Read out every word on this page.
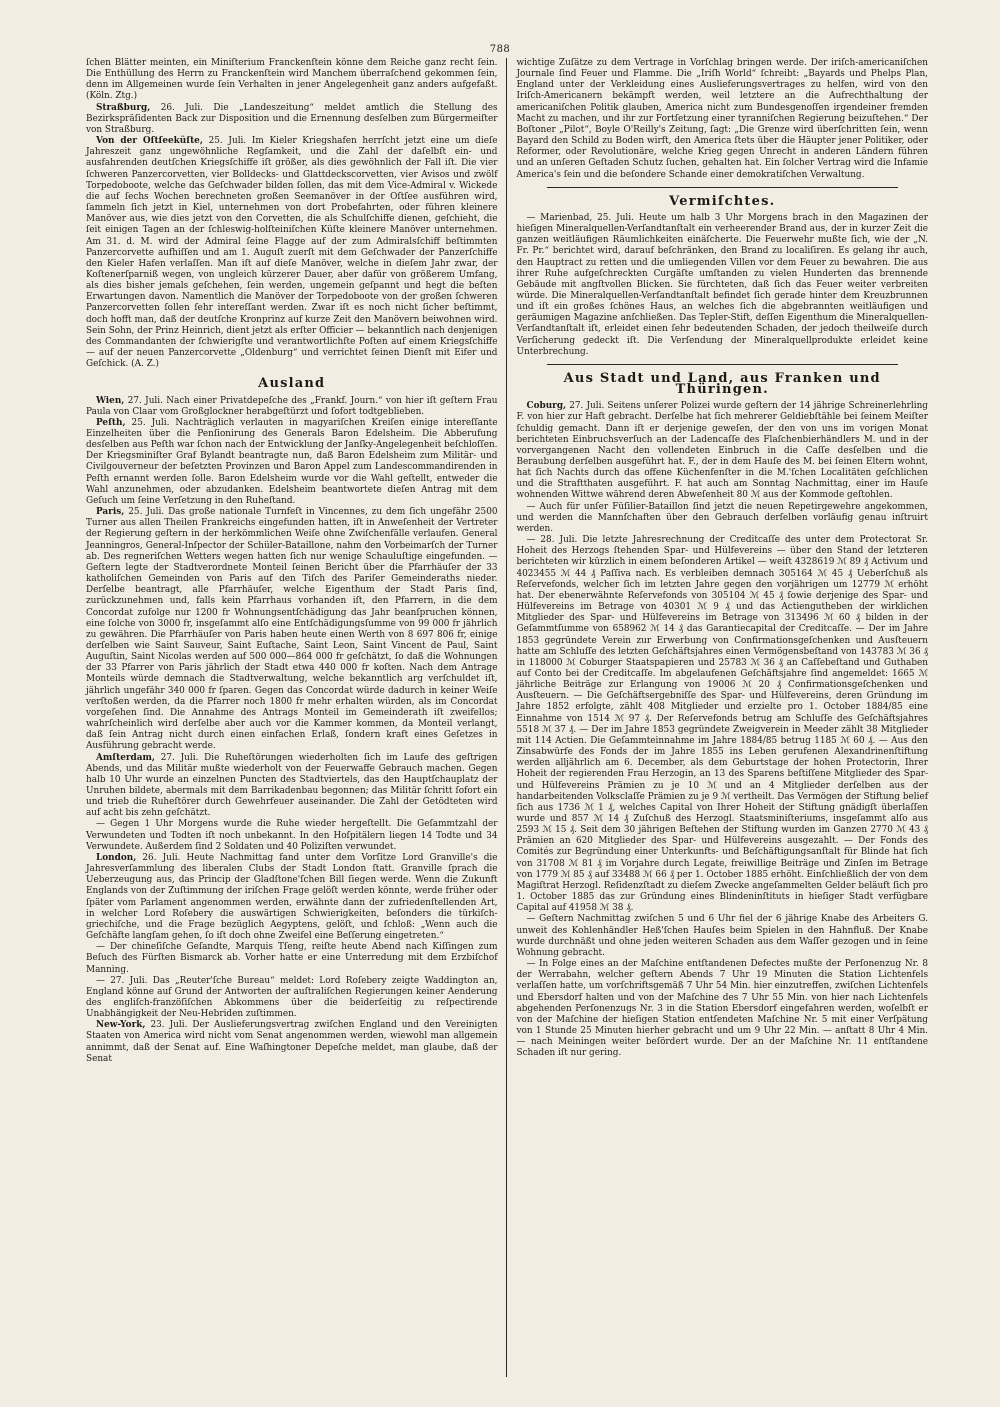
788

ſchen Blätter meinten, ein Miniſterium Franckenſtein könne dem Reiche ganz recht ſein. Die Enthüllung des Herrn zu Franckenſtein wird Manchem überraſchend gekommen ſein, denn im Allgemeinen wurde ſein Verhalten in jener Angelegenheit ganz anders aufgefaßt. (Köln. Ztg.)

Straßburg, 26. Juli. Die „Landeszeitung“ meldet amtlich die Stellung des Bezirkspräſidenten Back zur Disposition und die Ernennung desſelben zum Bürgermeiſter von Straßburg.

Von der Oſtſeeküſte, 25. Juli. Im Kieler Kriegshafen herrſcht jetzt eine um dieſe Jahreszeit ganz ungewöhnliche Regſamkeit, und die Zahl der daſelbſt ein- und ausfahrenden deutſchen Kriegsſchiffe iſt größer, als dies gewöhnlich der Fall iſt. Die vier ſchweren Panzercorvetten, vier Bolldecks- und Glattdeckscorvetten, vier Avisos und zwölf Torpedoboote, welche das Geſchwader bilden ſollen, das mit dem Vice-Admiral v. Wickede die auf ſechs Wochen berechneten großen Seemanöver in der Oſtſee ausführen wird, ſammeln ſich jetzt in Kiel, unternehmen von dort Probefahrten, oder führen kleinere Manöver aus, wie dies jetzt von den Corvetten, die als Schulſchiffe dienen, geſchieht, die ſeit einigen Tagen an der ſchleswig-holſteiniſchen Küſte kleinere Manöver unternehmen. Am 31. d. M. wird der Admiral ſeine Flagge auf der zum Admiralsſchiff beſtimmten Panzercorvette aufhiſſen und am 1. Auguſt zuerſt mit dem Geſchwader der Panzerſchiffe den Kieler Hafen verlaſſen. Man iſt auf dieſe Manöver, welche in dieſem Jahr zwar, der Koſtenerſparniß wegen, von ungleich kürzerer Dauer, aber dafür von größerem Umfang, als dies bisher jemals geſchehen, ſein werden, ungemein geſpannt und hegt die beſten Erwartungen davon. Namentlich die Manöver der Torpedoboote von der großen ſchweren Panzercorvetten ſollen ſehr intereſſant werden. Zwar iſt es noch nicht ſicher beſtimmt, doch hofft man, daß der deutſche Kronprinz auf kurze Zeit den Manövern beiwohnen wird. Sein Sohn, der Prinz Heinrich, dient jetzt als erſter Officier — bekanntlich nach denjenigen des Commandanten der ſchwierigſte und verantwortlichſte Poſten auf einem Kriegsſchiffe — auf der neuen Panzercorvette „Oldenburg“ und verrichtet ſeinen Dienſt mit Eifer und Geſchick. (A. Z.)

Ausland

Wien, 27. Juli. Nach einer Privatdepeſche des „Frankf. Journ.“ von hier iſt geſtern Frau Paula von Claar vom Großglockner herabgeſtürzt und ſofort todtgeblieben.

Peſth, 25. Juli. Nachträglich verlauten in magyariſchen Kreiſen einige intereſſante Einzelheiten über die Penſionirung des Generals Baron Edelsheim. Die Abberufung desſelben aus Peſth war ſchon nach der Entwicklung der Janſky-Angelegenheit beſchloſſen. Der Kriegsminiſter Graf Bylandt beantragte nun, daß Baron Edelsheim zum Militär- und Civilgouverneur der beſetzten Provinzen und Baron Appel zum Landescommandirenden in Peſth ernannt werden ſolle. Baron Edelsheim wurde vor die Wahl geſtellt, entweder die Wahl anzunehmen, oder abzudanken. Edelsheim beantwortete dieſen Antrag mit dem Geſuch um ſeine Verſetzung in den Ruheſtand.

Paris, 25. Juli. Das große nationale Turnfeſt in Vincennes, zu dem ſich ungefähr 2500 Turner aus allen Theilen Frankreichs eingefunden hatten, iſt in Anweſenheit der Vertreter der Regierung geſtern in der herkömmlichen Weiſe ohne Zwiſchenfälle verlaufen. General Jeanningros, General-Inſpector der Schüler-Bataillone, nahm den Vorbeimarſch der Turner ab. Des regneriſchen Wetters wegen hatten ſich nur wenige Schauluſtige eingefunden. — Geſtern legte der Stadtverordnete Monteil ſeinen Bericht über die Pfarrhäuſer der 33 katholiſchen Gemeinden von Paris auf den Tiſch des Pariſer Gemeinderaths nieder. Derſelbe beantragt, alle Pfarrhäuſer, welche Eigenthum der Stadt Paris ſind, zurückzunehmen und, falls kein Pfarrhaus vorhanden iſt, den Pfarrern, in die dem Concordat zufolge nur 1200 fr Wohnungsentſchädigung das Jahr beanſpruchen können, eine ſolche von 3000 fr, insgeſammt alſo eine Entſchädigungsſumme von 99 000 fr jährlich zu gewähren. Die Pfarrhäuſer von Paris haben heute einen Werth von 8 697 806 fr, einige derſelben wie Saint Sauveur, Saint Euſtache, Saint Leon, Saint Vincent de Paul, Saint Auguſtin, Saint Nicolas werden auf 500 000—864 000 fr geſchätzt, ſo daß die Wohnungen der 33 Pfarrer von Paris jährlich der Stadt etwa 440 000 fr koſten. Nach dem Antrage Monteils würde demnach die Stadtverwaltung, welche bekanntlich arg verſchuldet iſt, jährlich ungefähr 340 000 fr ſparen. Gegen das Concordat würde dadurch in keiner Weiſe verſtoßen werden, da die Pfarrer noch 1800 fr mehr erhalten würden, als im Concordat vorgeſehen ſind. Die Annahme des Antrags Monteil im Gemeinderath iſt zweifellos; wahrſcheinlich wird derſelbe aber auch vor die Kammer kommen, da Monteil verlangt, daß ſein Antrag nicht durch einen einfachen Erlaß, ſondern kraft eines Geſetzes in Ausführung gebracht werde.

Amſterdam, 27. Juli. Die Ruheſtörungen wiederholten ſich im Laufe des geſtrigen Abends, und das Militär mußte wiederholt von der Feuerwaffe Gebrauch machen. Gegen halb 10 Uhr wurde an einzelnen Puncten des Stadtviertels, das den Hauptſchauplatz der Unruhen bildete, abermals mit dem Barrikadenbau begonnen; das Militär ſchritt ſofort ein und trieb die Ruheſtörer durch Gewehrfeuer auseinander. Die Zahl der Getödteten wird auf acht bis zehn geſchätzt.

— Gegen 1 Uhr Morgens wurde die Ruhe wieder hergeſtellt. Die Geſammtzahl der Verwundeten und Todten iſt noch unbekannt. In den Hoſpitälern liegen 14 Todte und 34 Verwundete. Außerdem ſind 2 Soldaten und 40 Poliziſten verwundet.

London, 26. Juli. Heute Nachmittag fand unter dem Vorſitze Lord Granville's die Jahresverſammlung des liberalen Clubs der Stadt London ſtatt. Granville ſprach die Ueberzeugung aus, das Princip der Gladſtone'ſchen Bill ſiegen werde. Wenn die Zukunft Englands von der Zuſtimmung der iriſchen Frage gelöſt werden könnte, werde früher oder ſpäter vom Parlament angenommen werden, erwähnte dann der zufriedenſtellenden Art, in welcher Lord Roſebery die auswärtigen Schwierigkeiten, beſonders die türkiſch-griechiſche, und die Frage bezüglich Aegyptens, gelöſt, und ſchloß: „Wenn auch die Geſchäfte langſam gehen, ſo iſt doch ohne Zweifel eine Beſſerung eingetreten.“

— Der chineſiſche Geſandte, Marquis Tſeng, reiſte heute Abend nach Kiſſingen zum Beſuch des Fürſten Bismarck ab. Vorher hatte er eine Unterredung mit dem Erzbiſchof Manning.

— 27. Juli. Das „Reuter'ſche Bureau“ meldet: Lord Roſebery zeigte Waddington an, England könne auf Grund der Antworten der auſtraliſchen Regierungen keiner Aenderung des engliſch-franzöſiſchen Abkommens über die beiderſeitig zu reſpectirende Unabhängigkeit der Neu-Hebriden zuſtimmen.

New-York, 23. Juli. Der Auslieferungsvertrag zwiſchen England und den Vereinigten Staaten von America wird nicht vom Senat angenommen werden, wiewohl man allgemein annimmt, daß der Senat auf. Eine Waſhingtoner Depeſche meldet, man glaube, daß der Senat

wichtige Zuſätze zu dem Vertrage in Vorſchlag bringen werde. Der iriſch-americaniſchen Journale ſind Feuer und Flamme. Die „Iriſh World“ ſchreibt: „Bayards und Phelps Plan, England unter der Verkleidung eines Auslieferungsvertrages zu helfen, wird von den Iriſch-Americanern bekämpft werden, weil letztere an die Aufrechthaltung der americaniſchen Politik glauben, America nicht zum Bundesgenoſſen irgendeiner fremden Macht zu machen, und ihr zur Fortſetzung einer tyranniſchen Regierung beizuſtehen.“ Der Boſtoner „Pilot“, Boyle O'Reilly's Zeitung, ſagt: „Die Grenze wird überſchritten ſein, wenn Bayard den Schild zu Boden wirft, den America ſtets über die Häupter jener Politiker, oder Reformer, oder Revolutionäre, welche Krieg gegen Unrecht in anderen Ländern führen und an unſeren Geſtaden Schutz ſuchen, gehalten hat. Ein ſolcher Vertrag wird die Infamie America's ſein und die beſondere Schande einer demokratiſchen Verwaltung.

Vermiſchtes.

— Marienbad, 25. Juli. Heute um halb 3 Uhr Morgens brach in den Magazinen der hieſigen Mineralquellen-Verſandtanſtalt ein verheerender Brand aus, der in kurzer Zeit die ganzen weitläufigen Räumlichkeiten einäſcherte. Die Feuerwehr mußte ſich, wie der „N. Fr. Pr.“ berichtet wird, darauf beſchränken, den Brand zu localiſiren. Es gelang ihr auch, den Hauptract zu retten und die umliegenden Villen vor dem Feuer zu bewahren. Die aus ihrer Ruhe aufgeſchreckten Curgäſte umſtanden zu vielen Hunderten das brennende Gebäude mit angſtvollen Blicken. Sie fürchteten, daß ſich das Feuer weiter verbreiten würde. Die Mineralquellen-Verſandtanſtalt befindet ſich gerade hinter dem Kreuzbrunnen und iſt ein großes ſchönes Haus, an welches ſich die abgebrannten weitläufigen und geräumigen Magazine anſchließen. Das Tepler-Stift, deſſen Eigenthum die Mineralquellen-Verſandtanſtalt iſt, erleidet einen ſehr bedeutenden Schaden, der jedoch theilweiſe durch Verſicherung gedeckt iſt. Die Verſendung der Mineralquellprodukte erleidet keine Unterbrechung.

Aus Stadt und Land, aus Franken und Thüringen.

Coburg, 27. Juli. Seitens unſerer Polizei wurde geſtern der 14 jährige Schreinerlehrling F. von hier zur Haft gebracht. Derſelbe hat ſich mehrerer Geldiebſtähle bei ſeinem Meiſter ſchuldig gemacht. Dann iſt er derjenige geweſen, der den von uns im vorigen Monat berichteten Einbruchsverſuch an der Ladencaſſe des Flaſchenbierhändlers M. und in der vorvergangenen Nacht den vollendeten Einbruch in die Caſſe desſelben und die Beraubung derſelben ausgeführt hat. F., der in dem Hauſe des M. bei ſeinen Eltern wohnt, hat ſich Nachts durch das offene Küchenfenſter in die M.'ſchen Localitäten geſchlichen und die Straftthaten ausgeführt. F. hat auch am Sonntag Nachmittag, einer im Hauſe wohnenden Wittwe während deren Abweſenheit 80 ℳ aus der Kommode geſtohlen.

— Auch für unſer Füſilier-Bataillon ſind jetzt die neuen Repetirgewehre angekommen, und werden die Mannſchaften über den Gebrauch derſelben vorläufig genau inſtruirt werden.

— 28. Juli. Die letzte Jahresrechnung der Creditcaſſe des unter dem Protectorat Sr. Hoheit des Herzogs ſtehenden Spar- und Hülfevereins — über den Stand der letzteren berichteten wir kürzlich in einem beſonderen Artikel — weiſt 4328619 ℳ 89 ₰ Activum und 4023455 ℳ 44 ₰ Paſſiva nach. Es verbleiben demnach 305164 ℳ 45 ₰ Ueberſchuß als Reſervefonds, welcher ſich im letzten Jahre gegen den vorjährigen um 12779 ℳ erhöht hat. Der ebenerwähnte Reſervefonds von 305104 ℳ 45 ₰ ſowie derjenige des Spar- und Hülfevereins im Betrage von 40301 ℳ 9 ₰ und das Actiengutheben der wirklichen Mitglieder des Spar- und Hülfevereins im Betrage von 313496 ℳ 60 ₰ bilden in der Geſammtſumme von 658962 ℳ 14 ₰ das Garantiecapital der Creditcaſſe. — Der im Jahre 1853 gegründete Verein zur Erwerbung von Confirmationsgeſchenken und Ausſteuern hatte am Schluſſe des letzten Geſchäftsjahres einen Vermögensbeſtand von 143783 ℳ 36 ₰ in 118000 ℳ Coburger Staatspapieren und 25783 ℳ 36 ₰ an Caſſebeſtand und Guthaben auf Conto bei der Creditcaſſe. Im abgelaufenen Geſchäftsjahre ſind angemeldet: 1665 ℳ jährliche Beiträge zur Erlangung von 19006 ℳ 20 ₰ Confirmationsgeſchenken und Ausſteuern. — Die Geſchäftsergebniſſe des Spar- und Hülfevereins, deren Gründung im Jahre 1852 erfolgte, zählt 408 Mitglieder und erzielte pro 1. October 1884/85 eine Einnahme von 1514 ℳ 97 ₰. Der Reſervefonds betrug am Schluſſe des Geſchäftsjahres 5518 ℳ 37 ₰. — Der im Jahre 1853 gegründete Zweigverein in Meeder zählt 38 Mitglieder mit 114 Actien. Die Geſammteinnahme im Jahre 1884/85 betrug 1185 ℳ 60 ₰. — Aus den Zinsabwürfe des Fonds der im Jahre 1855 ins Leben gerufenen Alexandrinenſtiftung werden alljährlich am 6. December, als dem Geburtstage der hohen Protectorin, Ihrer Hoheit der regierenden Frau Herzogin, an 13 des Sparens beſtiſſene Mitglieder des Spar- und Hülfevereins Prämien zu je 10 ℳ und an 4 Mitglieder derſelben aus der handarbeitenden Volksclaſſe Prämien zu je 9 ℳ vertheilt. Das Vermögen der Stiftung belief ſich aus 1736 ℳ 1 ₰, welches Capital von Ihrer Hoheit der Stiftung gnädigſt überlaſſen wurde und 857 ℳ 14 ₰ Zuſchuß des Herzogl. Staatsminiſteriums, insgeſammt alſo aus 2593 ℳ 15 ₰. Seit dem 30 jährigen Beſtehen der Stiftung wurden im Ganzen 2770 ℳ 43 ₰ Prämien an 620 Mitglieder des Spar- und Hülfevereins ausgezahlt. — Der Fonds des Comités zur Begründung einer Unterkunfts- und Beſchäftigungsanſtalt für Blinde hat ſich von 31708 ℳ 81 ₰ im Vorjahre durch Legate, freiwillige Beiträge und Zinſen im Betrage von 1779 ℳ 85 ₰ auf 33488 ℳ 66 ₰ per 1. October 1885 erhöht. Einſchließlich der von dem Magiſtrat Herzogl. Reſidenzſtadt zu dieſem Zwecke angeſammelten Gelder beläuft ſich pro 1. October 1885 das zur Gründung eines Blindeninſtituts in hieſiger Stadt verfügbare Capital auf 41958 ℳ 38 ₰.

— Geſtern Nachmittag zwiſchen 5 und 6 Uhr fiel der 6 jährige Knabe des Arbeiters G. unweit des Kohlenhändler Heß'ſchen Hauſes beim Spielen in den Hahnfluß. Der Knabe wurde durchnäßt und ohne jeden weiteren Schaden aus dem Waſſer gezogen und in ſeine Wohnung gebracht.

— In Folge eines an der Maſchine entſtandenen Defectes mußte der Perſonenzug Nr. 8 der Werrabahn, welcher geſtern Abends 7 Uhr 19 Minuten die Station Lichtenfels verlaſſen hatte, um vorſchriftsgemäß 7 Uhr 54 Min. hier einzutreffen, zwiſchen Lichtenfels und Ebersdorf halten und von der Maſchine des 7 Uhr 55 Min. von hier nach Lichtenfels abgehenden Perſonenzugs Nr. 3 in die Station Ebersdorf eingefahren werden, woſelbſt er von der Maſchine der hieſigen Station entſendeten Maſchine Nr. 5 mit einer Verſpätung von 1 Stunde 25 Minuten hierher gebracht und um 9 Uhr 22 Min. — anſtatt 8 Uhr 4 Min. — nach Meiningen weiter beſördert wurde. Der an der Maſchine Nr. 11 entſtandene Schaden iſt nur gering.
